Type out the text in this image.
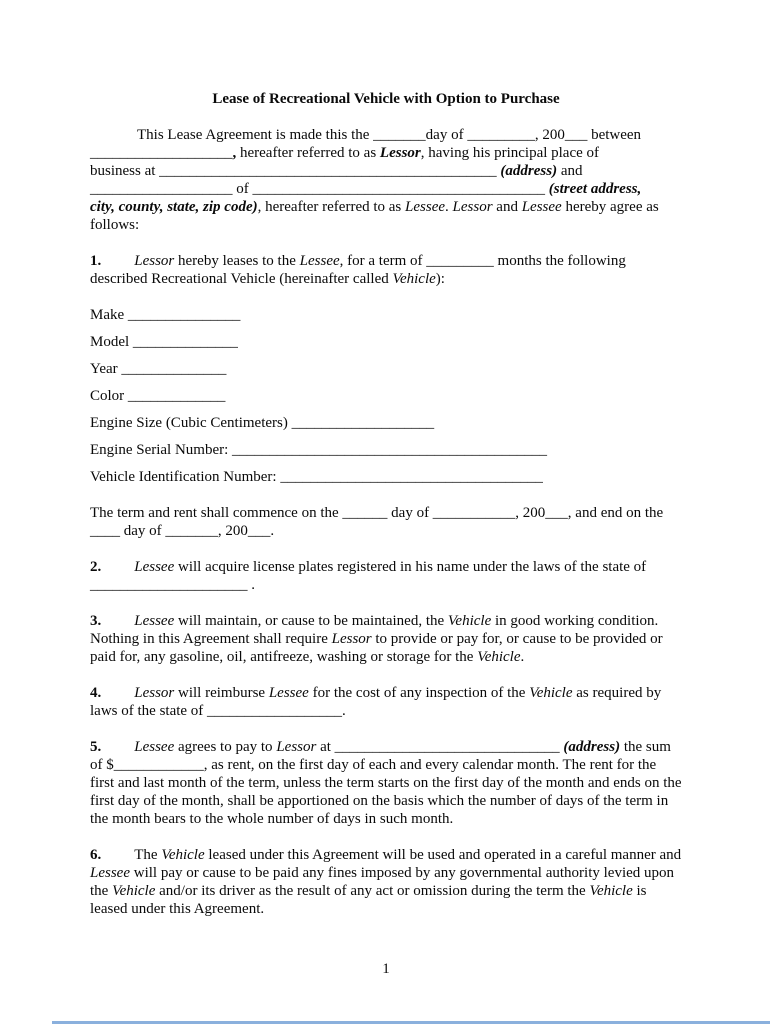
Lease of Recreational Vehicle with Option to Purchase

This Lease Agreement is made this the _______day of _________, 200___ between
___________________, hereafter referred to as Lessor, having his principal place of
business at _____________________________________________ (address) and
___________________ of _______________________________________ (street address,
city, county, state, zip code), hereafter referred to as Lessee. Lessor and Lessee hereby agree as follows:

1. Lessor hereby leases to the Lessee, for a term of _________ months the following described Recreational Vehicle (hereinafter called Vehicle):

Make _______________

Model ______________

Year ______________

Color _____________

Engine Size (Cubic Centimeters) ___________________

Engine Serial Number: __________________________________________

Vehicle Identification Number: ___________________________________

The term and rent shall commence on the ______ day of ___________, 200___, and end on the
____ day of _______, 200___.

2. Lessee will acquire license plates registered in his name under the laws of the state of
_____________________ .

3. Lessee will maintain, or cause to be maintained, the Vehicle in good working condition. Nothing in this Agreement shall require Lessor to provide or pay for, or cause to be provided or paid for, any gasoline, oil, antifreeze, washing or storage for the Vehicle.

4. Lessor will reimburse Lessee for the cost of any inspection of the Vehicle as required by laws of the state of __________________.

5. Lessee agrees to pay to Lessor at ______________________________ (address) the sum of $____________, as rent, on the first day of each and every calendar month. The rent for the first and last month of the term, unless the term starts on the first day of the month and ends on the first day of the month, shall be apportioned on the basis which the number of days of the term in the month bears to the whole number of days in such month.

6. The Vehicle leased under this Agreement will be used and operated in a careful manner and Lessee will pay or cause to be paid any fines imposed by any governmental authority levied upon the Vehicle and/or its driver as the result of any act or omission during the term the Vehicle is leased under this Agreement.

1
